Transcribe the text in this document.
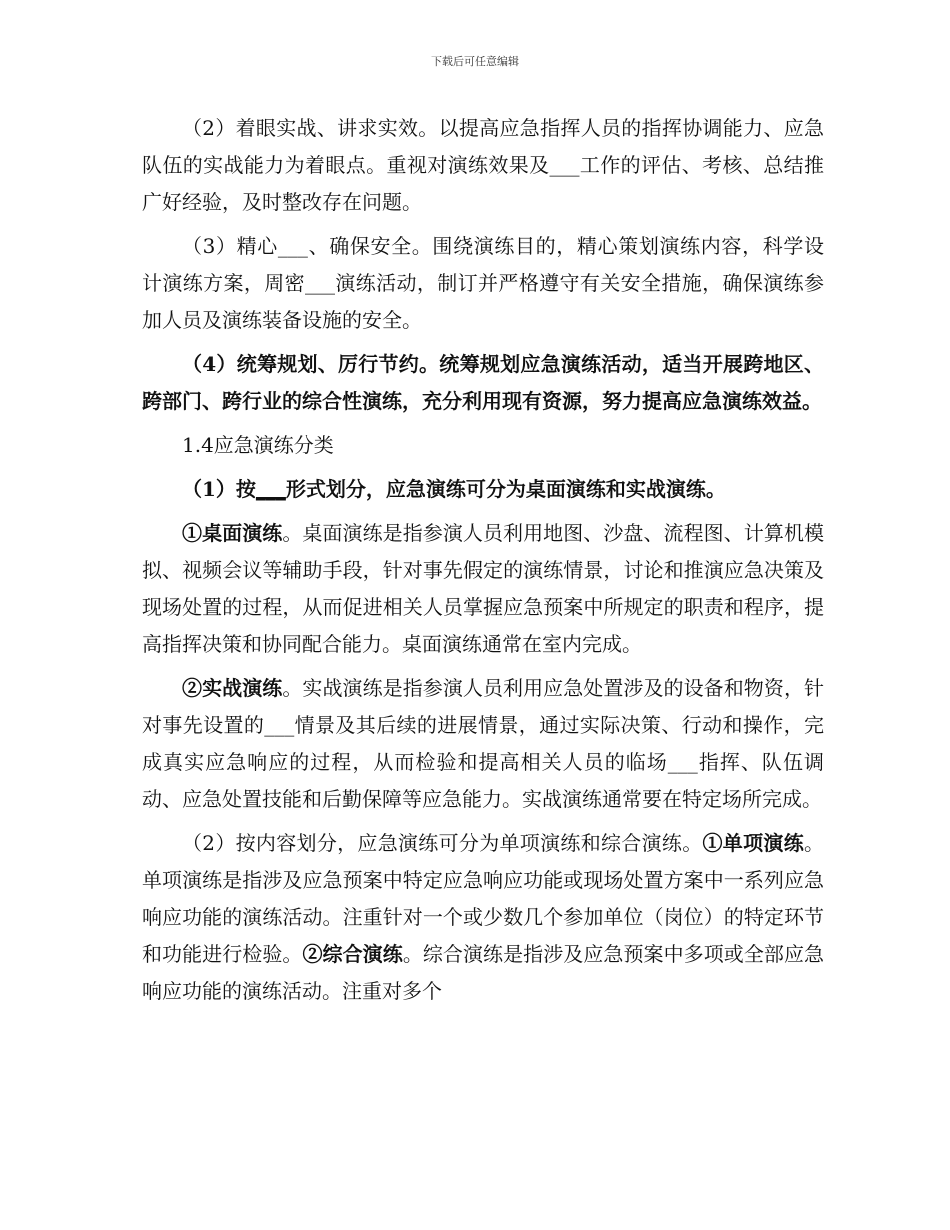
下载后可任意编辑

（2）着眼实战、讲求实效。以提高应急指挥人员的指挥协调能力、应急队伍的实战能力为着眼点。重视对演练效果及___工作的评估、考核、总结推广好经验，及时整改存在问题。

（3）精心___、确保安全。围绕演练目的，精心策划演练内容，科学设计演练方案，周密___演练活动，制订并严格遵守有关安全措施，确保演练参加人员及演练装备设施的安全。

（4）统筹规划、厉行节约。统筹规划应急演练活动，适当开展跨地区、跨部门、跨行业的综合性演练，充分利用现有资源，努力提高应急演练效益。

1.4应急演练分类

（1）按___形式划分，应急演练可分为桌面演练和实战演练。

①桌面演练。桌面演练是指参演人员利用地图、沙盘、流程图、计算机模拟、视频会议等辅助手段，针对事先假定的演练情景，讨论和推演应急决策及现场处置的过程，从而促进相关人员掌握应急预案中所规定的职责和程序，提高指挥决策和协同配合能力。桌面演练通常在室内完成。

②实战演练。实战演练是指参演人员利用应急处置涉及的设备和物资，针对事先设置的___情景及其后续的进展情景，通过实际决策、行动和操作，完成真实应急响应的过程，从而检验和提高相关人员的临场___指挥、队伍调动、应急处置技能和后勤保障等应急能力。实战演练通常要在特定场所完成。

（2）按内容划分，应急演练可分为单项演练和综合演练。①单项演练。单项演练是指涉及应急预案中特定应急响应功能或现场处置方案中一系列应急响应功能的演练活动。注重针对一个或少数几个参加单位（岗位）的特定环节和功能进行检验。②综合演练。综合演练是指涉及应急预案中多项或全部应急响应功能的演练活动。注重对多个
